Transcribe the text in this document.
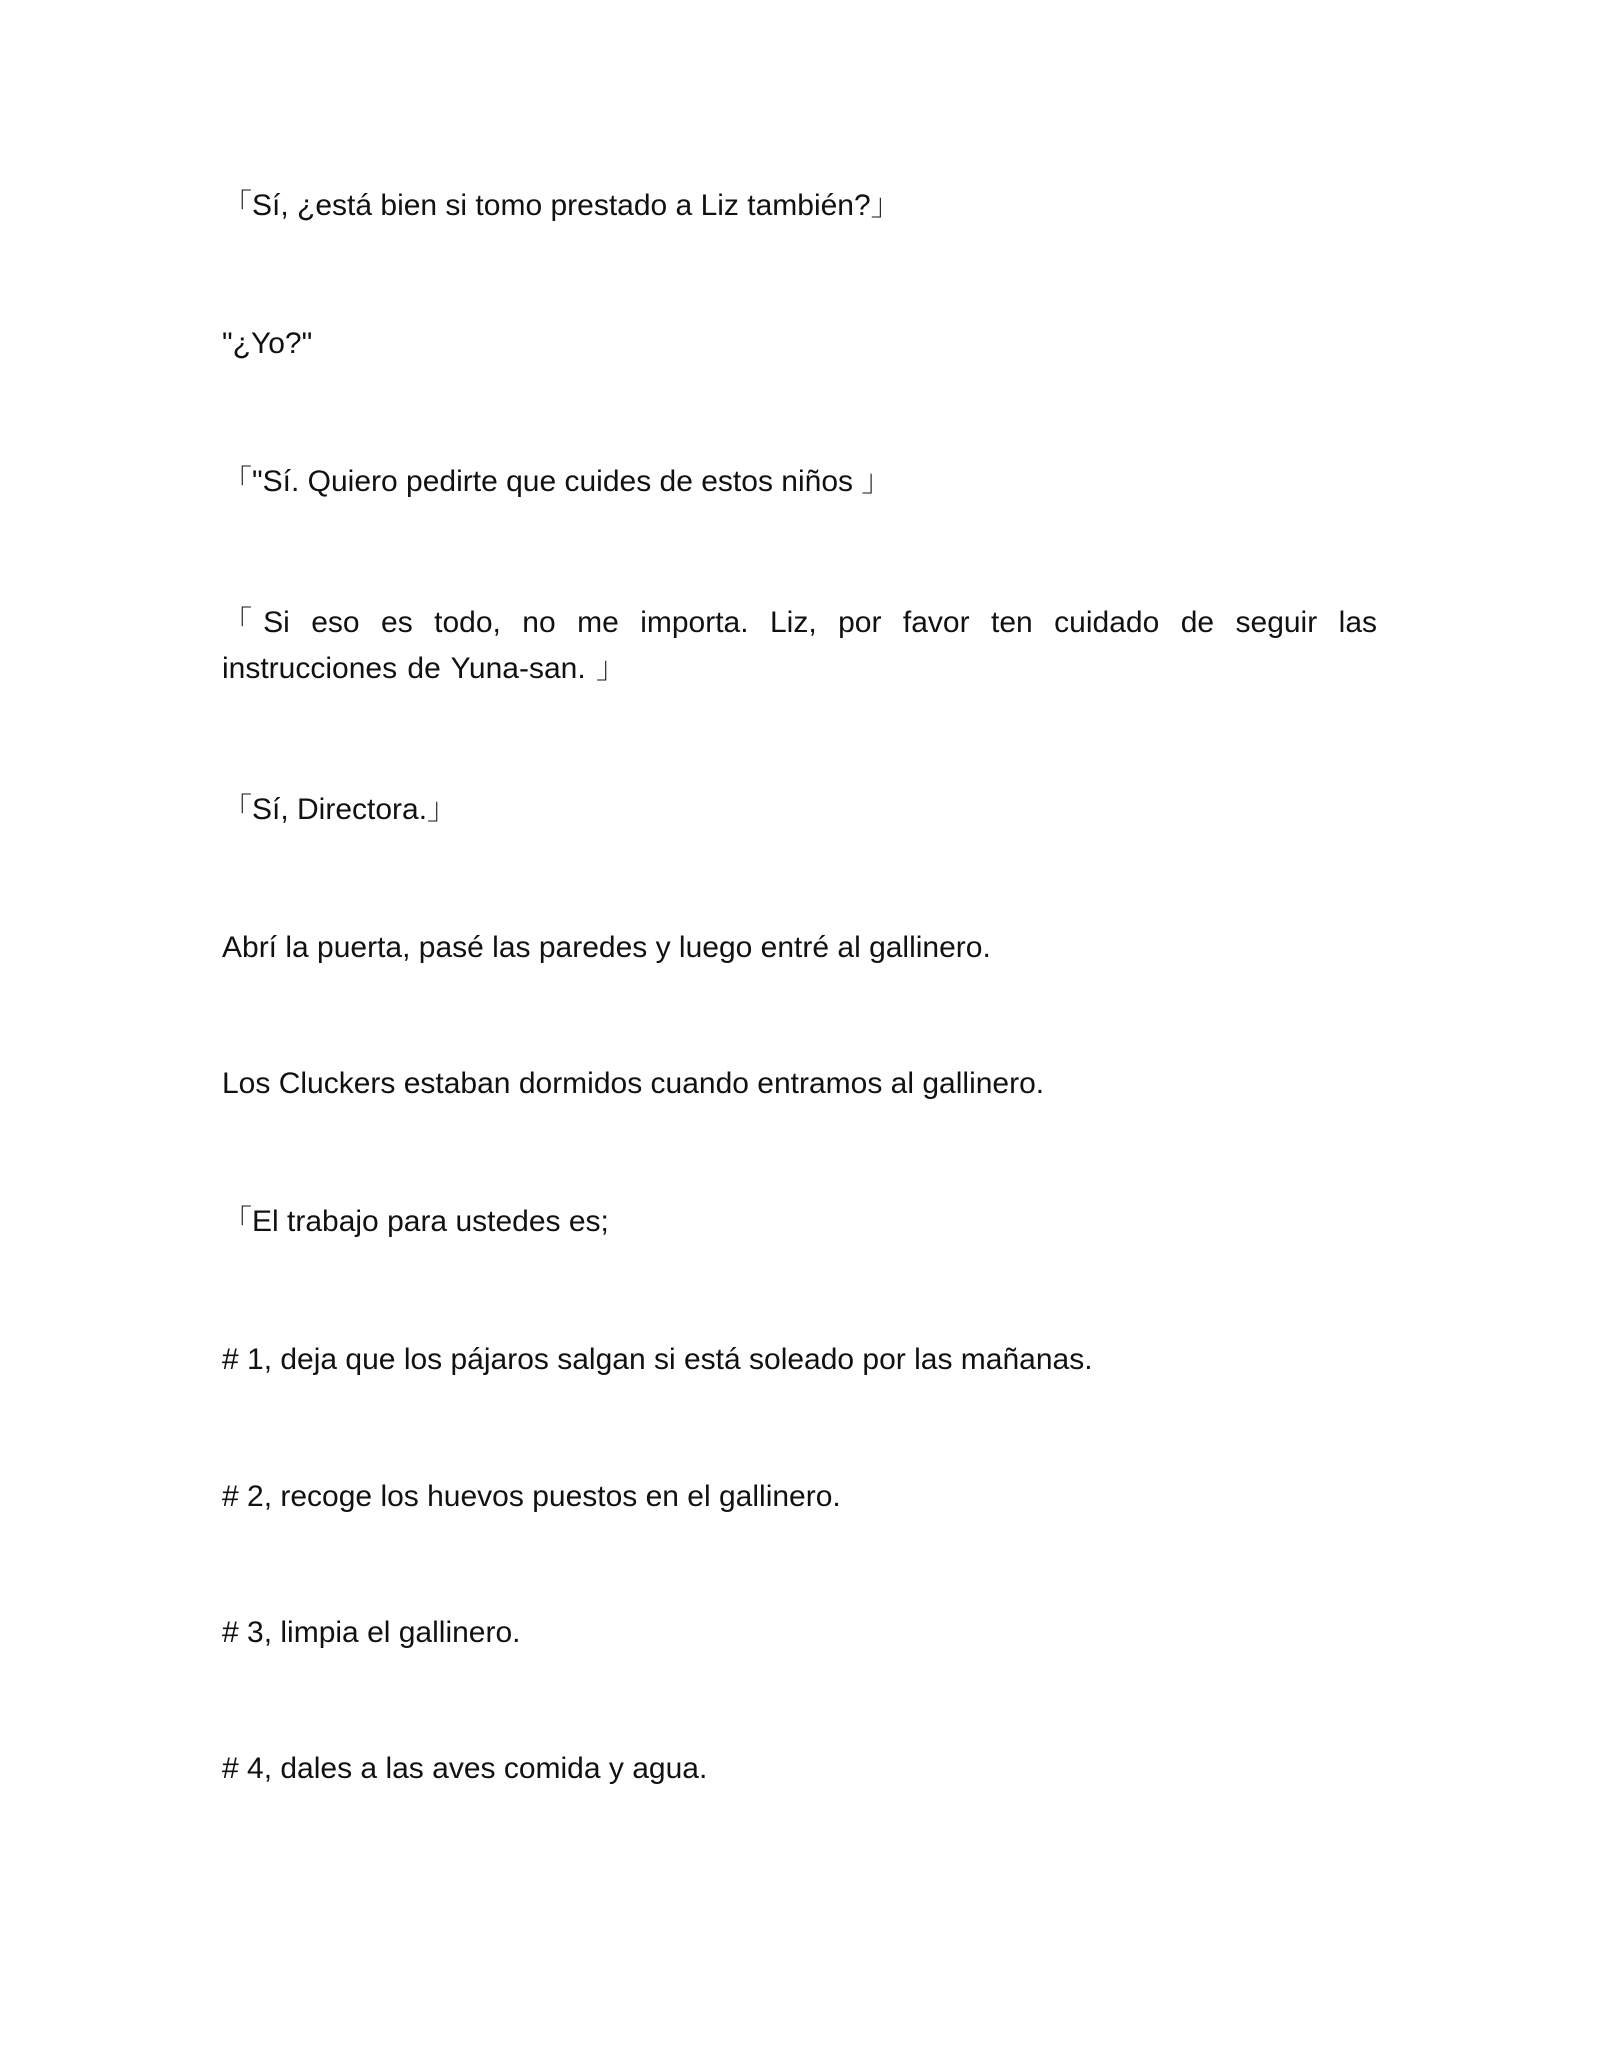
「Sí, ¿está bien si tomo prestado a Liz también?」

"¿Yo?"

「"Sí. Quiero pedirte que cuides de estos niños 」

「Si eso es todo, no me importa. Liz, por favor ten cuidado de seguir las instrucciones de Yuna-san. 」

「Sí, Directora.」

Abrí la puerta, pasé las paredes y luego entré al gallinero.

Los Cluckers estaban dormidos cuando entramos al gallinero.

「El trabajo para ustedes es;

# 1, deja que los pájaros salgan si está soleado por las mañanas.

# 2, recoge los huevos puestos en el gallinero.

# 3, limpia el gallinero.

# 4, dales a las aves comida y agua.
